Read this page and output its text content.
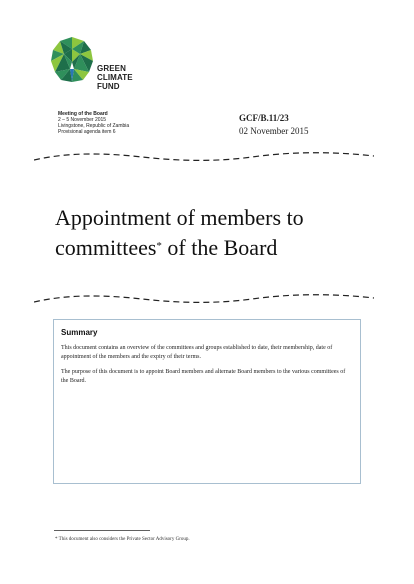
GREEN
CLIMATE
FUND
Meeting of the Board
2 – 5 November 2015
Livingstone, Republic of Zambia
Provisional agenda item 6
GCF/B.11/23
02 November 2015
Appointment of members to
committees* of the Board
Summary

This document contains an overview of the committees and groups established to date, their membership, date of appointment of the members and the expiry of their terms.

The purpose of this document is to appoint Board members and alternate Board members to the various committees of the Board.

* This document also considers the Private Sector Advisory Group.
